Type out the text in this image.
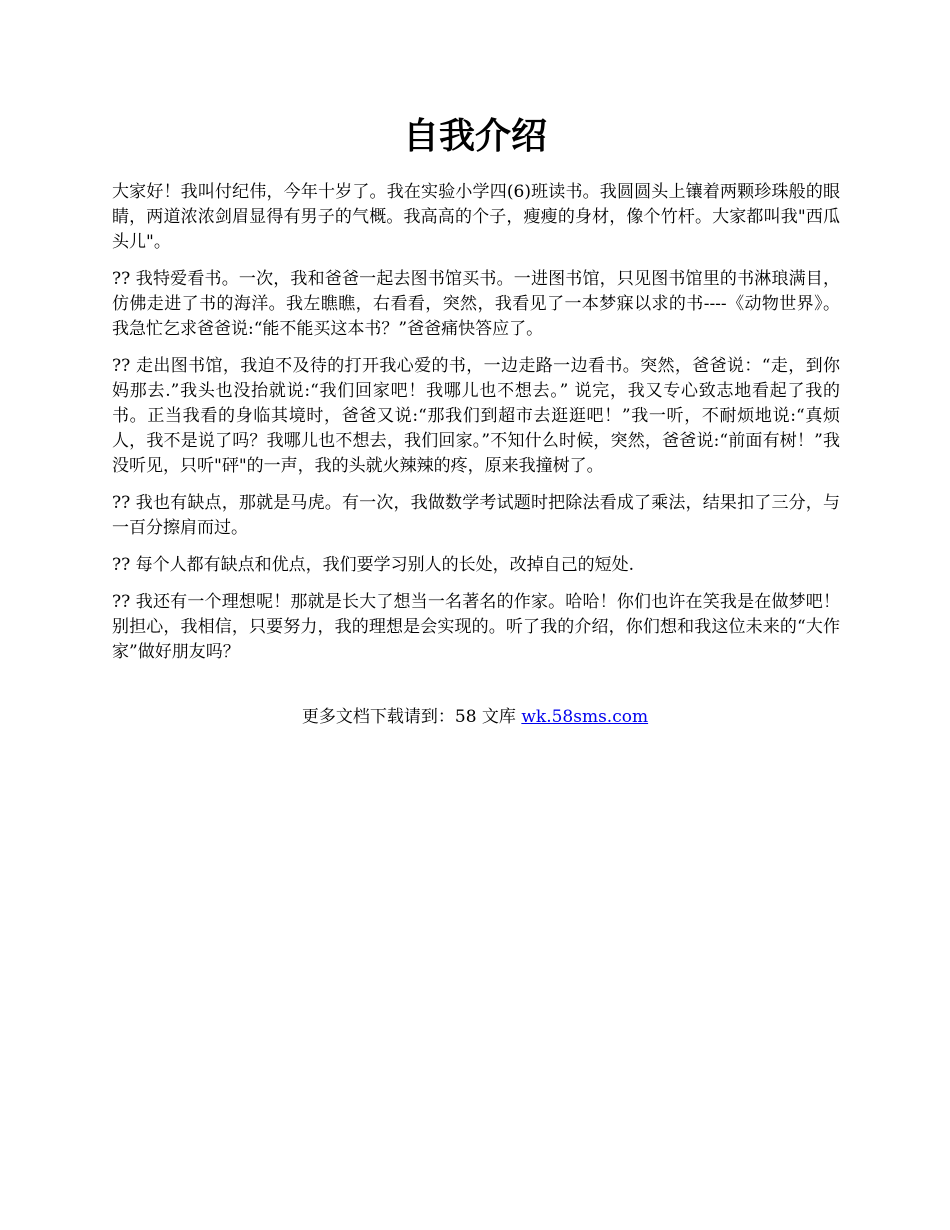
自我介绍

大家好！我叫付纪伟，今年十岁了。我在实验小学四(6)班读书。我圆圆头上镶着两颗珍珠般的眼睛，两道浓浓剑眉显得有男子的气概。我高高的个子，瘦瘦的身材，像个竹杆。大家都叫我"西瓜头儿"。

?? 我特爱看书。一次，我和爸爸一起去图书馆买书。一进图书馆，只见图书馆里的书淋琅满目，仿佛走进了书的海洋。我左瞧瞧，右看看，突然，我看见了一本梦寐以求的书----《动物世界》。我急忙乞求爸爸说:“能不能买这本书？”爸爸痛快答应了。

?? 走出图书馆，我迫不及待的打开我心爱的书，一边走路一边看书。突然，爸爸说：“走，到你妈那去.”我头也没抬就说:“我们回家吧！我哪儿也不想去。” 说完，我又专心致志地看起了我的书。正当我看的身临其境时，爸爸又说:“那我们到超市去逛逛吧！”我一听，不耐烦地说:“真烦人，我不是说了吗？我哪儿也不想去，我们回家。”不知什么时候，突然，爸爸说:“前面有树！”我没听见，只听"砰"的一声，我的头就火辣辣的疼，原来我撞树了。

?? 我也有缺点，那就是马虎。有一次，我做数学考试题时把除法看成了乘法，结果扣了三分，与一百分擦肩而过。

?? 每个人都有缺点和优点，我们要学习别人的长处，改掉自己的短处.

?? 我还有一个理想呢！那就是长大了想当一名著名的作家。哈哈！你们也许在笑我是在做梦吧！别担心，我相信，只要努力，我的理想是会实现的。听了我的介绍，你们想和我这位未来的“大作家”做好朋友吗？

更多文档下载请到：58 文库 wk.58sms.com
